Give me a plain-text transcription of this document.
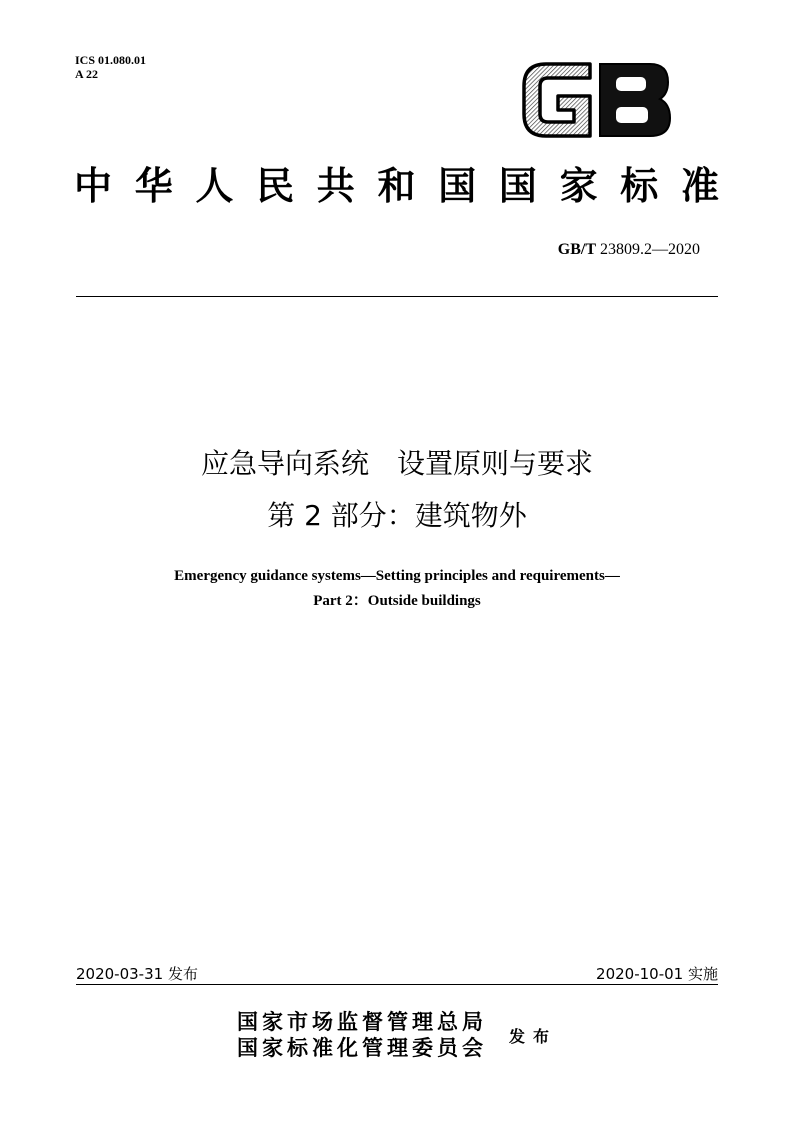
ICS 01.080.01
A 22
中华人民共和国国家标准
GB/T 23809.2—2020
应急导向系统　设置原则与要求
第 2 部分：建筑物外
Emergency guidance systems—Setting principles and requirements—
Part 2：Outside buildings
2020-03-31 发布	2020-10-01 实施
国家市场监督管理总局
国家标准化管理委员会 发布
